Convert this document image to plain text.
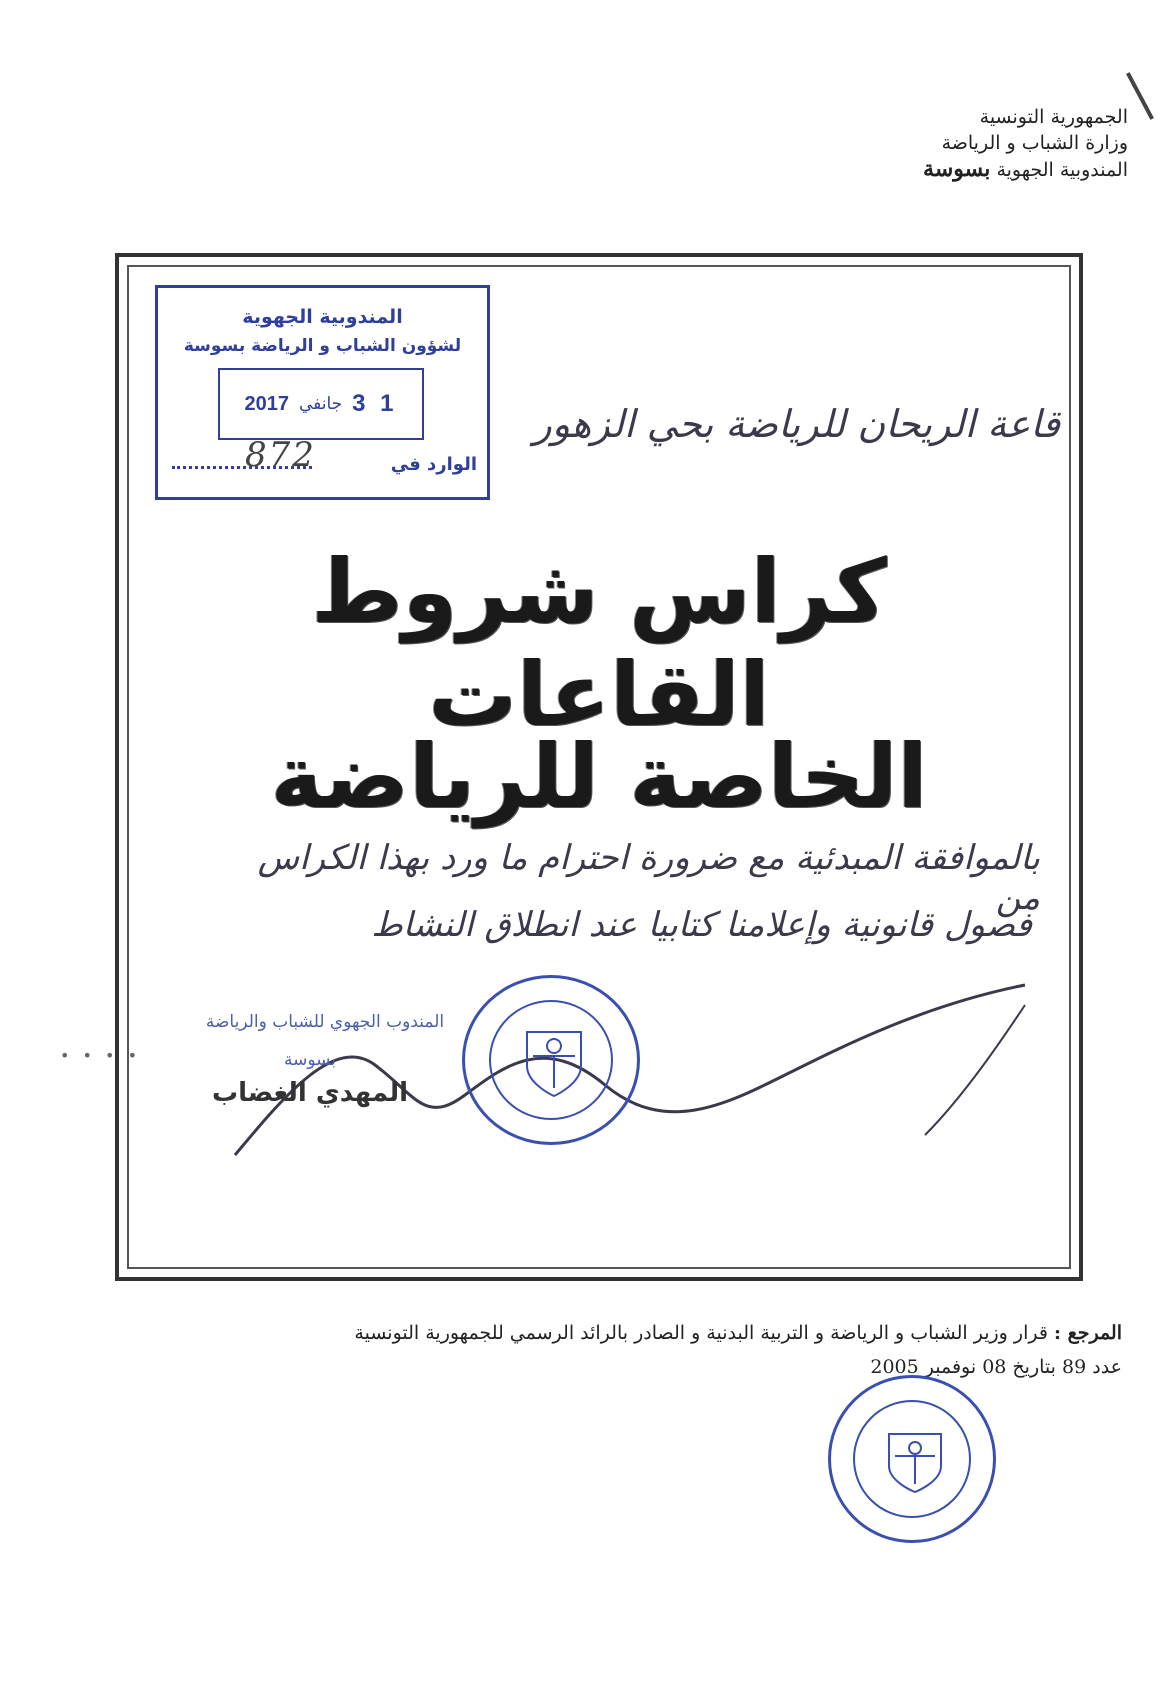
الجمهورية التونسية
وزارة الشباب و الرياضة
المندوبية الجهوية بسوسة
المندوبية الجهوية
لشؤون الشباب و الرياضة بسوسة
2017 جانفي 3 1
الوارد في
872
قاعة الريحان للرياضة بحي الزهور
كراس شروط القاعات
الخاصة للرياضة
بالموافقة المبدئية مع ضرورة احترام ما ورد بهذا الكراس من
فصول قانونية وإعلامنا كتابيا عند انطلاق النشاط
المندوب الجهوي للشباب والرياضة
بسوسة
المهدي الغضاب
• • • •
المرجع : قرار وزير الشباب و الرياضة و التربية البدنية و الصادر بالرائد الرسمي للجمهورية التونسية
عدد 89 بتاريخ 08 نوفمبر 2005
